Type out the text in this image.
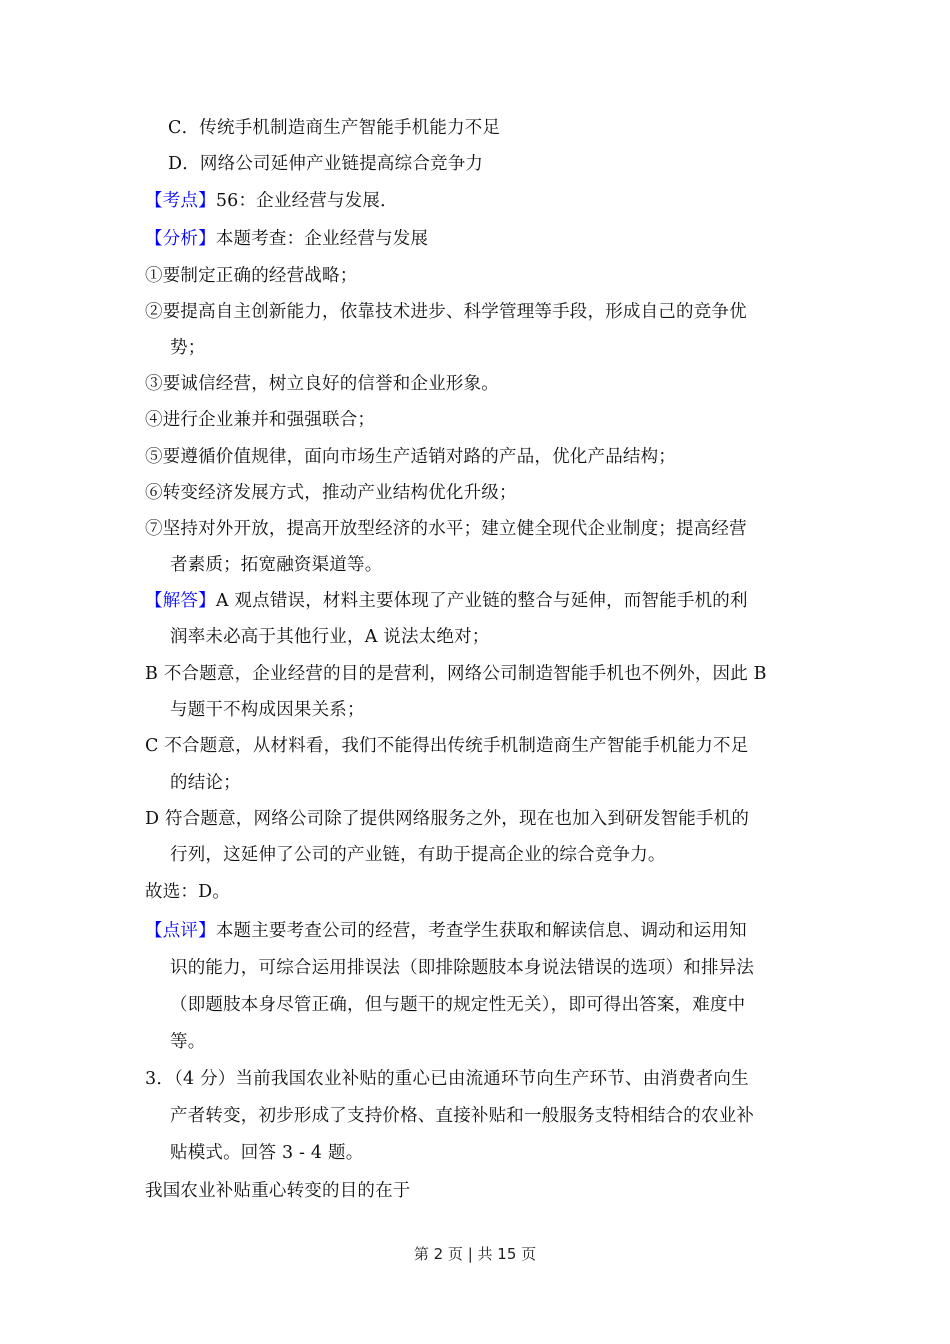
C．传统手机制造商生产智能手机能力不足
D．网络公司延伸产业链提高综合竞争力
【考点】56：企业经营与发展．
【分析】本题考查：企业经营与发展
①要制定正确的经营战略；
②要提高自主创新能力，依靠技术进步、科学管理等手段，形成自己的竞争优
势；
③要诚信经营，树立良好的信誉和企业形象。
④进行企业兼并和强强联合；
⑤要遵循价值规律，面向市场生产适销对路的产品，优化产品结构；
⑥转变经济发展方式，推动产业结构优化升级；
⑦坚持对外开放，提高开放型经济的水平；建立健全现代企业制度；提高经营
者素质；拓宽融资渠道等。
【解答】A 观点错误，材料主要体现了产业链的整合与延伸，而智能手机的利
润率未必高于其他行业，A 说法太绝对；
B 不合题意，企业经营的目的是营利，网络公司制造智能手机也不例外，因此 B
与题干不构成因果关系；
C 不合题意，从材料看，我们不能得出传统手机制造商生产智能手机能力不足
的结论；
D 符合题意，网络公司除了提供网络服务之外，现在也加入到研发智能手机的
行列，这延伸了公司的产业链，有助于提高企业的综合竞争力。
故选：D。
【点评】本题主要考查公司的经营，考查学生获取和解读信息、调动和运用知
识的能力，可综合运用排误法（即排除题肢本身说法错误的选项）和排异法
（即题肢本身尽管正确，但与题干的规定性无关），即可得出答案，难度中
等。
3．（4 分）当前我国农业补贴的重心已由流通环节向生产环节、由消费者向生
产者转变，初步形成了支持价格、直接补贴和一般服务支特相结合的农业补
贴模式。回答 3 - 4 题。
我国农业补贴重心转变的目的在于
第 2 页 | 共 15 页
